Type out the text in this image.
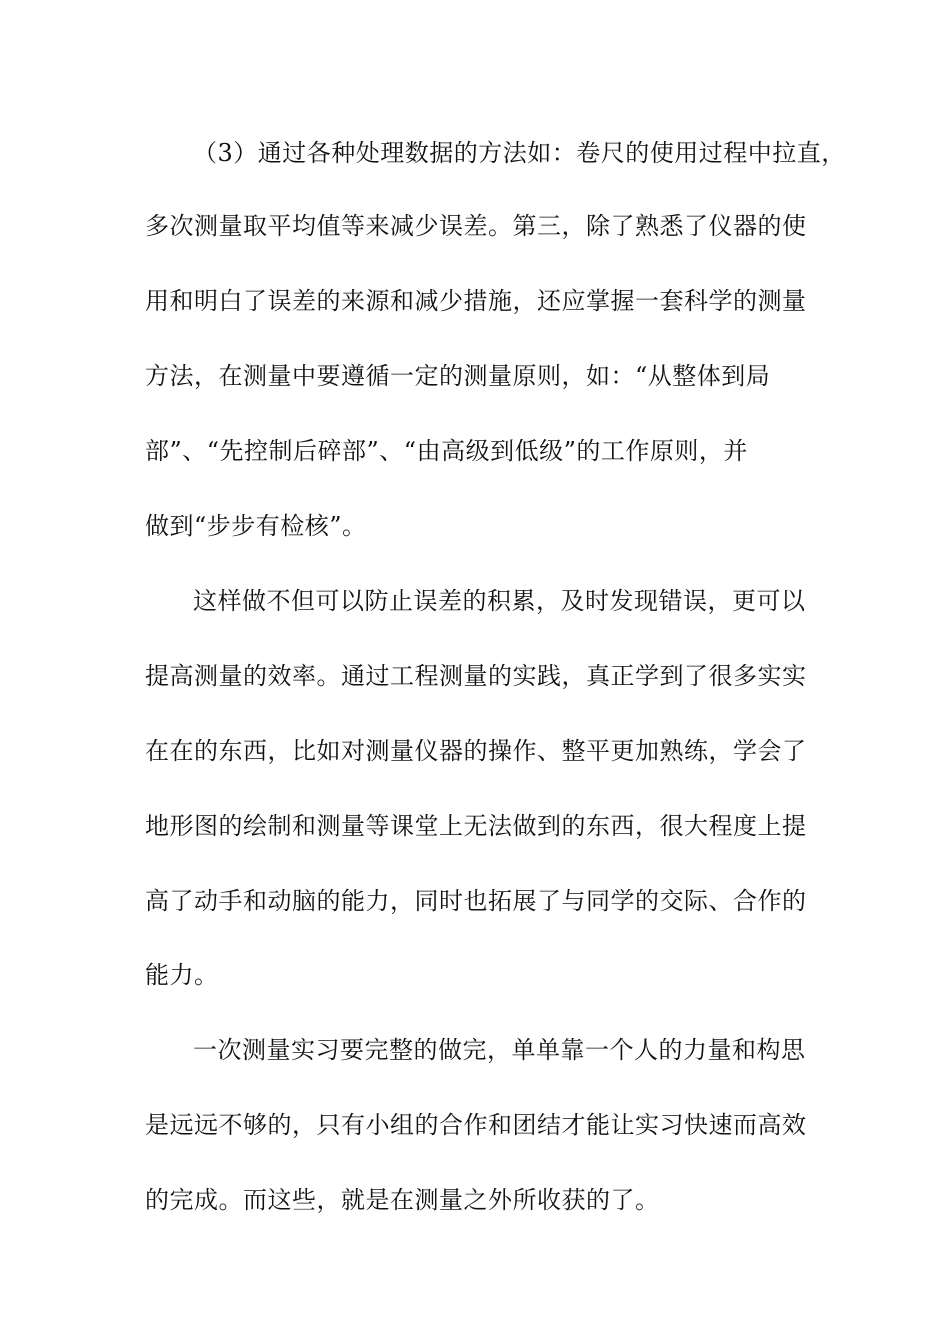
（3）通过各种处理数据的方法如：卷尺的使用过程中拉直，
多次测量取平均值等来减少误差。第三，除了熟悉了仪器的使
用和明白了误差的来源和减少措施，还应掌握一套科学的测量
方法，在测量中要遵循一定的测量原则，如：“从整体到局
部”、“先控制后碎部”、“由高级到低级”的工作原则，并
做到“步步有检核”。
这样做不但可以防止误差的积累，及时发现错误，更可以
提高测量的效率。通过工程测量的实践，真正学到了很多实实
在在的东西，比如对测量仪器的操作、整平更加熟练，学会了
地形图的绘制和测量等课堂上无法做到的东西，很大程度上提
高了动手和动脑的能力，同时也拓展了与同学的交际、合作的
能力。
一次测量实习要完整的做完，单单靠一个人的力量和构思
是远远不够的，只有小组的合作和团结才能让实习快速而高效
的完成。而这些，就是在测量之外所收获的了。
